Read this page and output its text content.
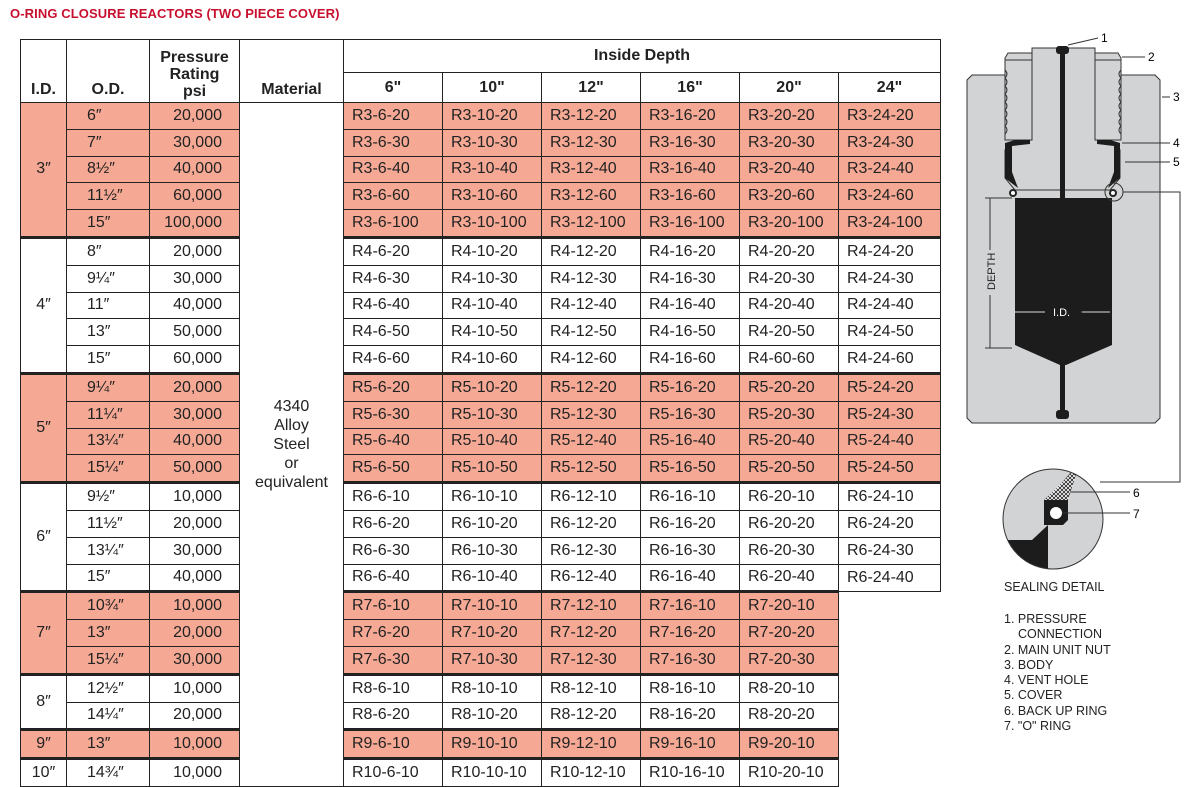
O-RING CLOSURE REACTORS (TWO PIECE COVER)
I.D.	O.D.	Pressure
Rating
psi	Material	Inside Depth					
				6"	10"	12"	16"	20"	24"
3″	6″	20,000	4340
Alloy
Steel
or
equivalent	R3-6-20	R3-10-20	R3-12-20	R3-16-20	R3-20-20	R3-24-20
	7″	30,000		R3-6-30	R3-10-30	R3-12-30	R3-16-30	R3-20-30	R3-24-30
	8½″	40,000		R3-6-40	R3-10-40	R3-12-40	R3-16-40	R3-20-40	R3-24-40
	11½″	60,000		R3-6-60	R3-10-60	R3-12-60	R3-16-60	R3-20-60	R3-24-60
	15″	100,000		R3-6-100	R3-10-100	R3-12-100	R3-16-100	R3-20-100	R3-24-100
4″	8″	20,000		R4-6-20	R4-10-20	R4-12-20	R4-16-20	R4-20-20	R4-24-20
	9¼″	30,000		R4-6-30	R4-10-30	R4-12-30	R4-16-30	R4-20-30	R4-24-30
	11″	40,000		R4-6-40	R4-10-40	R4-12-40	R4-16-40	R4-20-40	R4-24-40
	13″	50,000		R4-6-50	R4-10-50	R4-12-50	R4-16-50	R4-20-50	R4-24-50
	15″	60,000		R4-6-60	R4-10-60	R4-12-60	R4-16-60	R4-60-60	R4-24-60
5″	9¼″	20,000		R5-6-20	R5-10-20	R5-12-20	R5-16-20	R5-20-20	R5-24-20
	11¼″	30,000		R5-6-30	R5-10-30	R5-12-30	R5-16-30	R5-20-30	R5-24-30
	13¼″	40,000		R5-6-40	R5-10-40	R5-12-40	R5-16-40	R5-20-40	R5-24-40
	15¼″	50,000		R5-6-50	R5-10-50	R5-12-50	R5-16-50	R5-20-50	R5-24-50
6″	9½″	10,000		R6-6-10	R6-10-10	R6-12-10	R6-16-10	R6-20-10	R6-24-10
	11½″	20,000		R6-6-20	R6-10-20	R6-12-20	R6-16-20	R6-20-20	R6-24-20
	13¼″	30,000		R6-6-30	R6-10-30	R6-12-30	R6-16-30	R6-20-30	R6-24-30
	15″	40,000		R6-6-40	R6-10-40	R6-12-40	R6-16-40	R6-20-40	R6-24-40
7″	10¾″	10,000		R7-6-10	R7-10-10	R7-12-10	R7-16-10	R7-20-10	
	13″	20,000		R7-6-20	R7-10-20	R7-12-20	R7-16-20	R7-20-20	
	15¼″	30,000		R7-6-30	R7-10-30	R7-12-30	R7-16-30	R7-20-30	
8″	12½″	10,000		R8-6-10	R8-10-10	R8-12-10	R8-16-10	R8-20-10	
	14¼″	20,000		R8-6-20	R8-10-20	R8-12-20	R8-16-20	R8-20-20	
9″	13″	10,000		R9-6-10	R9-10-10	R9-12-10	R9-16-10	R9-20-10	
10″	14¾″	10,000		R10-6-10	R10-10-10	R10-12-10	R10-16-10	R10-20-10	
DEPTH
I.D.
1
2
3
4
5
6
7
SEALING DETAIL
1. PRESSURE
CONNECTION
2. MAIN UNIT NUT
3. BODY
4. VENT HOLE
5. COVER
6. BACK UP RING
7. "O" RING
